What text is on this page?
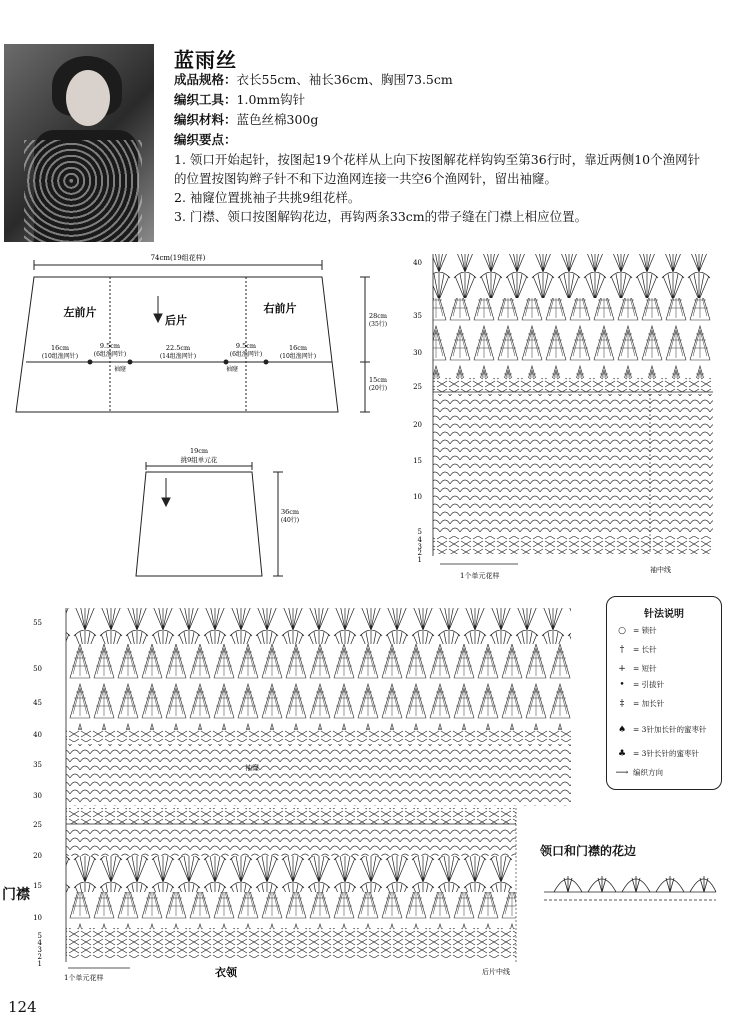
蓝雨丝
成品规格：衣长55cm、袖长36cm、胸围73.5cm
编织工具：1.0mm钩针
编织材料：蓝色丝棉300g
编织要点：
1. 领口开始起针，按图起19个花样从上向下按图解花样钩钩至第36行时，靠近两侧10个渔网针
的位置按图钩辫子针不和下边渔网连接一共空6个渔网针，留出袖窿。
2. 袖窿位置挑袖子共挑9组花样。
3. 门襟、领口按图解钩花边，再钩两条33cm的带子缝在门襟上相应位置。
74cm(19组花样)
左前片
后片
右前片
16cm
(10组渔网针)
9.5cm
(6组渔网针)
22.5cm
(14组渔网针)
9.5cm
(6组渔网针)
16cm
(10组渔网针)
袖窿	袖窿
28cm
(35行)
15cm
(20行)
19cm
挑9组单元花
36cm
(40行)
40
35
30
25
20
15
10
5
4
3
2
1
1个单元花样
袖中线
55
50
45
40
35
30
25
20
15
10
5
4
3
2
1
袖窿
1个单元花样	衣领	后片中线
门襟
针法说明
○ = 锁针
†	= 长针
+ = 短针
•	= 引拔针
‡	= 加长针
♠ = 3针加长针的蜜枣针
♣ = 3针长针的蜜枣针
⟶ 编织方向
领口和门襟的花边
124
